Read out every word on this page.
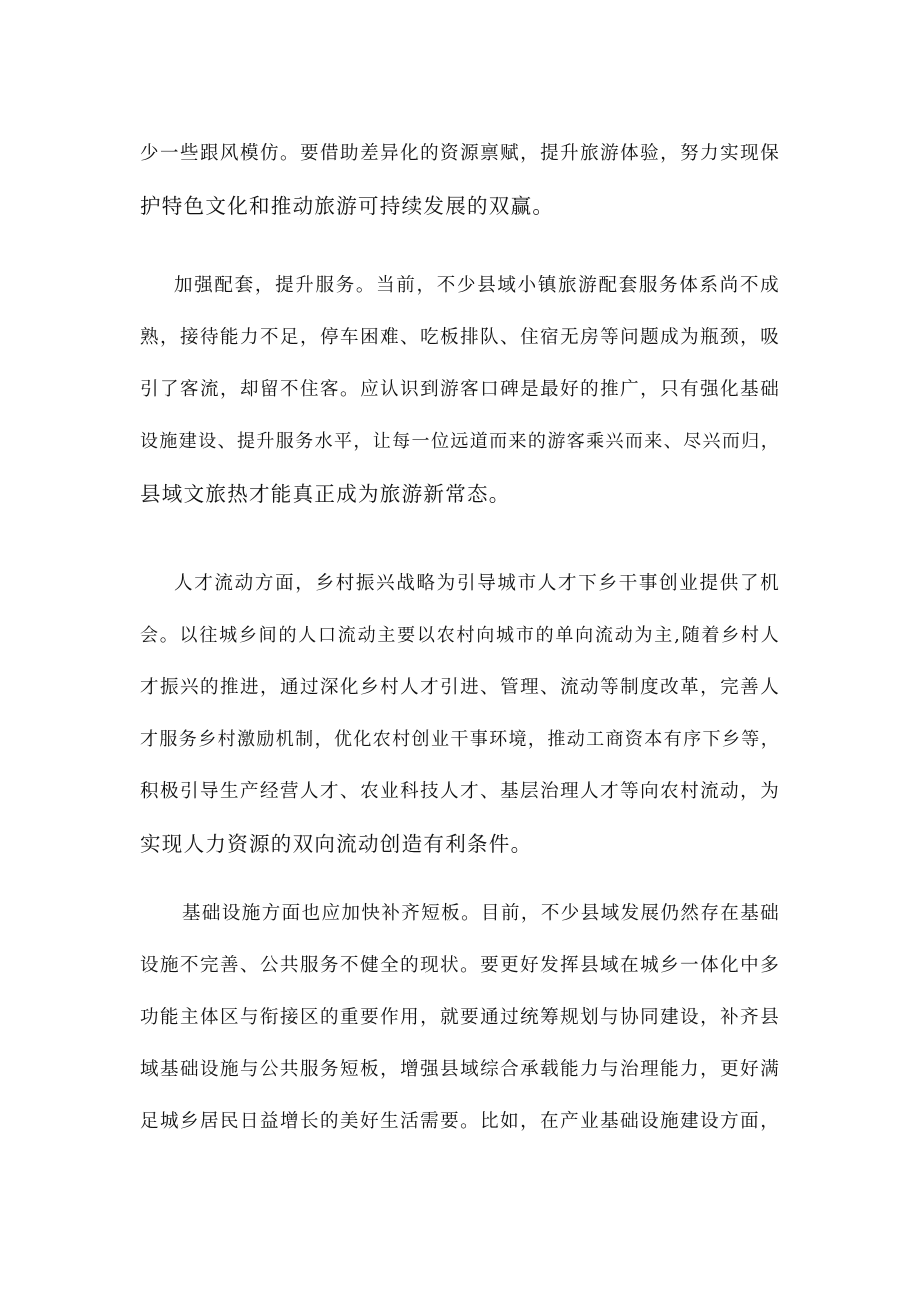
少一些跟风模仿。要借助差异化的资源禀赋，提升旅游体验，努力实现保
护特色文化和推动旅游可持续发展的双赢。
加强配套，提升服务。当前，不少县域小镇旅游配套服务体系尚不成
熟，接待能力不足，停车困难、吃板排队、住宿无房等问题成为瓶颈，吸
引了客流，却留不住客。应认识到游客口碑是最好的推广，只有强化基础
设施建设、提升服务水平，让每一位远道而来的游客乘兴而来、尽兴而归，
县域文旅热才能真正成为旅游新常态。
人才流动方面，乡村振兴战略为引导城市人才下乡干事创业提供了机
会。以往城乡间的人口流动主要以农村向城市的单向流动为主,随着乡村人
才振兴的推进，通过深化乡村人才引进、管理、流动等制度改革，完善人
才服务乡村激励机制，优化农村创业干事环境，推动工商资本有序下乡等，
积极引导生产经营人才、农业科技人才、基层治理人才等向农村流动，为
实现人力资源的双向流动创造有利条件。
基础设施方面也应加快补齐短板。目前，不少县域发展仍然存在基础
设施不完善、公共服务不健全的现状。要更好发挥县域在城乡一体化中多
功能主体区与衔接区的重要作用，就要通过统筹规划与协同建设，补齐县
域基础设施与公共服务短板，增强县域综合承载能力与治理能力，更好满
足城乡居民日益增长的美好生活需要。比如，在产业基础设施建设方面，
